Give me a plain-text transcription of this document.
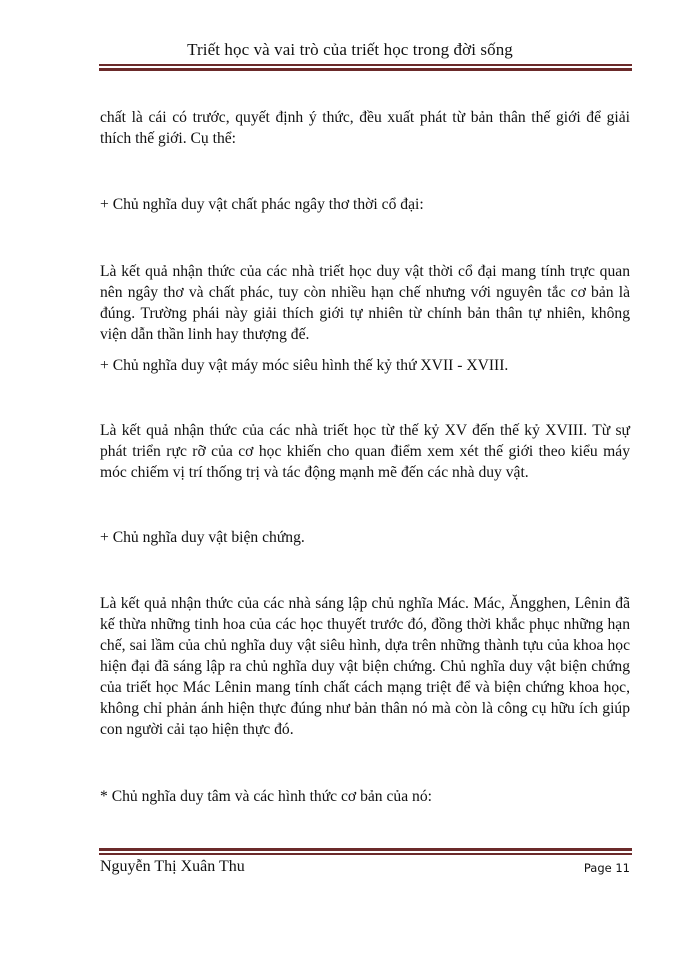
Triết học và vai trò của triết học trong đời sống
chất là cái có trước, quyết định ý thức, đều xuất phát từ bản thân thế giới để giải thích thế giới. Cụ thể:
+ Chủ nghĩa duy vật chất phác ngây thơ thời cổ đại:
Là kết quả nhận thức của các nhà triết học duy vật thời cổ đại mang tính trực quan nên ngây thơ và chất phác, tuy còn nhiều hạn chế nhưng với nguyên tắc cơ bản là đúng. Trường phái này giải thích giới tự nhiên từ chính bản thân tự nhiên, không viện dẫn thần linh hay thượng đế.
+ Chủ nghĩa duy vật máy móc siêu hình thế kỷ thứ XVII - XVIII.
Là kết quả nhận thức của các nhà triết học từ thế kỷ XV đến thế kỷ XVIII. Từ sự phát triển rực rỡ của cơ học khiến cho quan điểm xem xét thế giới theo kiểu máy móc chiếm vị trí thống trị và tác động mạnh mẽ đến các nhà duy vật.
+ Chủ nghĩa duy vật biện chứng.
Là kết quả nhận thức của các nhà sáng lập chủ nghĩa Mác. Mác, Ăngghen, Lênin đã kế thừa những tinh hoa của các học thuyết trước đó, đồng thời khắc phục những hạn chế, sai lầm của chủ nghĩa duy vật siêu hình, dựa trên những thành tựu của khoa học hiện đại đã sáng lập ra chủ nghĩa duy vật biện chứng. Chủ nghĩa duy vật biện chứng của triết học Mác Lênin mang tính chất cách mạng triệt để và biện chứng khoa học, không chỉ phản ánh hiện thực đúng như bản thân nó mà còn là công cụ hữu ích giúp con người cải tạo hiện thực đó.
* Chủ nghĩa duy tâm và các hình thức cơ bản của nó:
Nguyễn Thị Xuân Thu	Page 11
